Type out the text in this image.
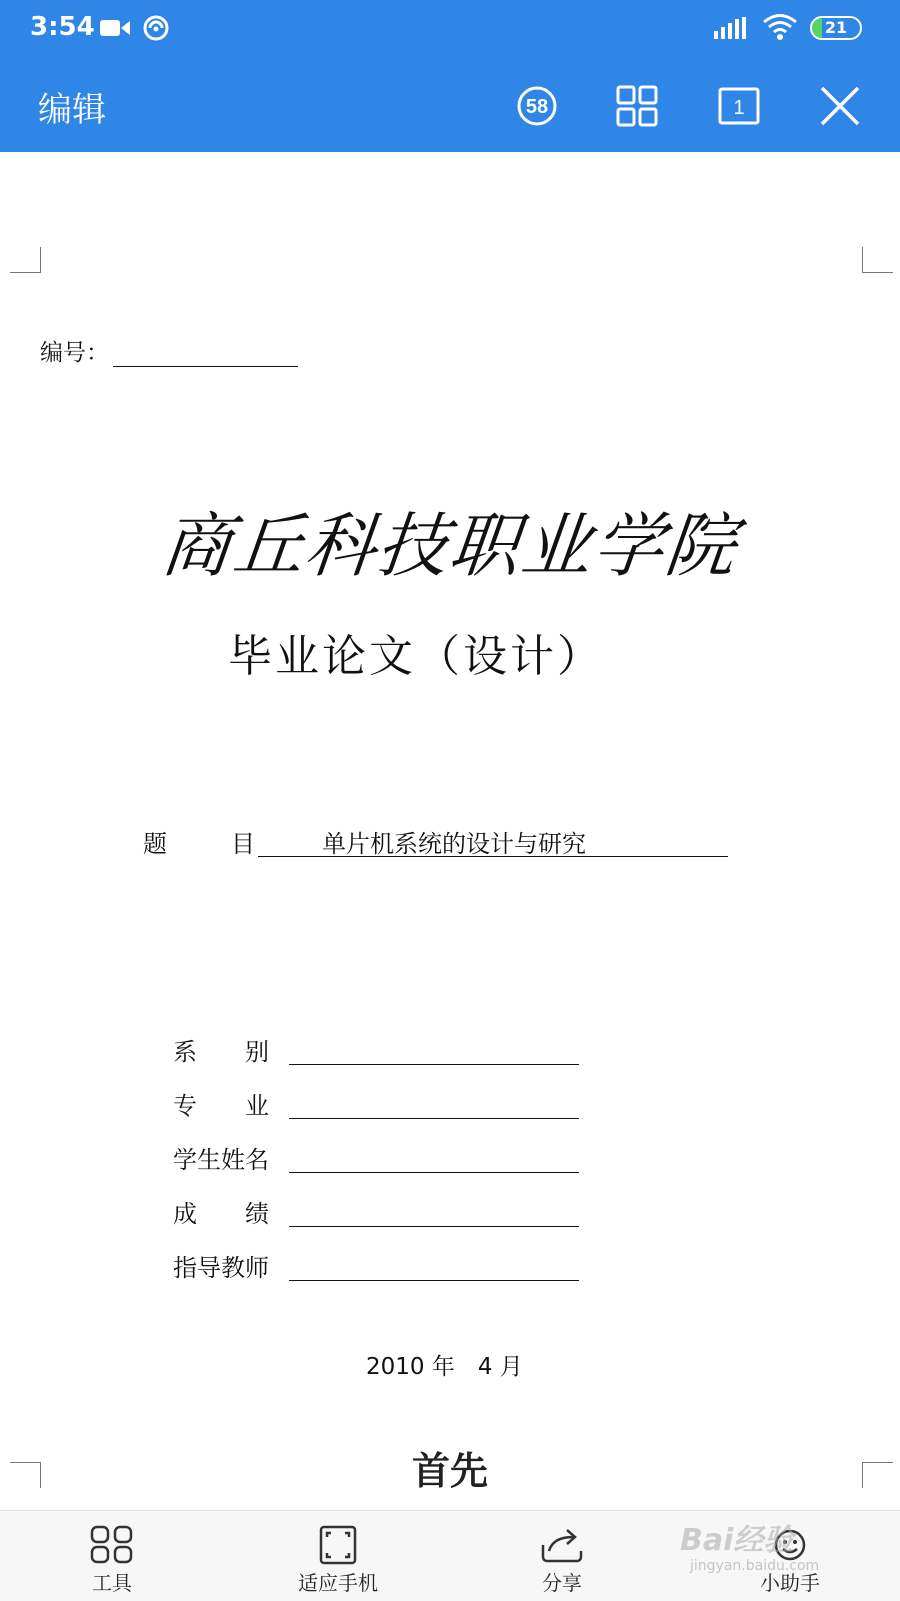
3:54	21
编辑	58	1
编号：
商丘科技职业学院
毕业论文（设计）
题	目	单片机系统的设计与研究
系　　别
专　　业
学生姓名
成　　绩
指导教师
2010 年　4 月
首先
工具	适应手机	分享	小助手
Bai经验
jingyan.baidu.com
